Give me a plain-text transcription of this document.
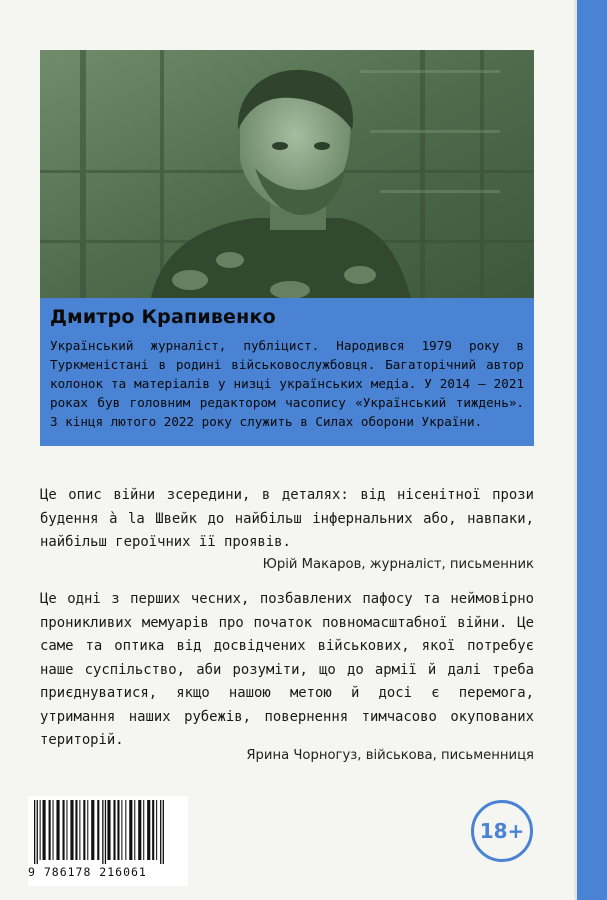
Дмитро Крапивенко

Український журналіст, публіцист. Народився 1979 року в Туркменістані в родині військовослужбовця. Багаторічний автор колонок та матеріалів у низці українських медіа. У 2014 – 2021 роках був головним редактором часопису «Український тиждень». З кінця лютого 2022 року служить в Силах оборони України.

Це опис війни зсередини, в деталях: від нісенітної прози будення à la Швейк до найбільш інфернальних або, навпаки, найбільш героїчних її проявів.

Юрій Макаров, журналіст, письменник

Це одні з перших чесних, позбавлених пафосу та неймовірно проникливих мемуарів про початок повномасштабної війни. Це саме та оптика від досвідчених військових, якої потребує наше суспільство, аби розуміти, що до армії й далі треба приєднуватися, якщо нашою метою й досі є перемога, утримання наших рубежів, повернення тимчасово окупованих територій.

Ярина Чорногуз, військова, письменниця
9 786178 216061
18+
